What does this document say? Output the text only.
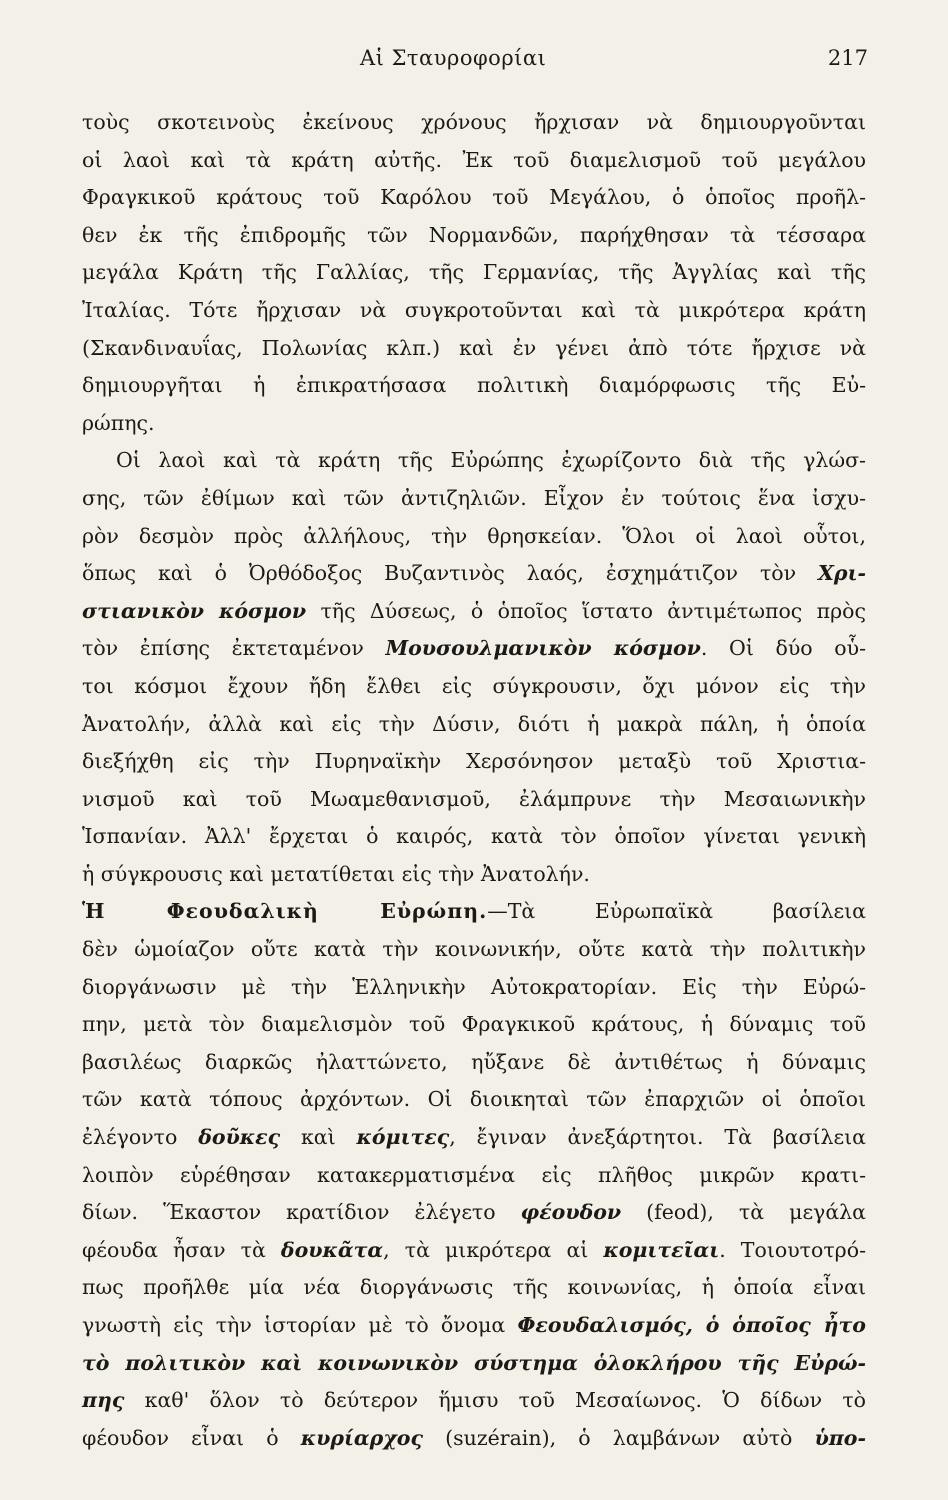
Αἱ Σταυροφορίαι	217
τοὺς σκοτεινοὺς ἐκείνους χρόνους ἤρχισαν νὰ δημιουργοῦνται
οἱ λαοὶ καὶ τὰ κράτη αὐτῆς. Ἐκ τοῦ διαμελισμοῦ τοῦ μεγάλου
Φραγκικοῦ κράτους τοῦ Καρόλου τοῦ Μεγάλου, ὁ ὁποῖος προῆλ-
θεν ἐκ τῆς ἐπιδρομῆς τῶν Νορμανδῶν, παρήχθησαν τὰ τέσσαρα
μεγάλα Κράτη τῆς Γαλλίας, τῆς Γερμανίας, τῆς Ἀγγλίας καὶ τῆς
Ἰταλίας. Τότε ἤρχισαν νὰ συγκροτοῦνται καὶ τὰ μικρότερα κράτη
(Σκανδιναυΐας, Πολωνίας κλπ.) καὶ ἐν γένει ἀπὸ τότε ἤρχισε νὰ
δημιουργῆται ἡ ἐπικρατήσασα πολιτικὴ διαμόρφωσις τῆς Εὐ-
ρώπης.
Οἱ λαοὶ καὶ τὰ κράτη τῆς Εὐρώπης ἐχωρίζοντο διὰ τῆς γλώσ-
σης, τῶν ἐθίμων καὶ τῶν ἀντιζηλιῶν. Εἶχον ἐν τούτοις ἕνα ἰσχυ-
ρὸν δεσμὸν πρὸς ἀλλήλους, τὴν θρησκείαν. Ὅλοι οἱ λαοὶ οὗτοι,
ὅπως καὶ ὁ Ὀρθόδοξος Βυζαντινὸς λαός, ἐσχημάτιζον τὸν Χρι-
στιανικὸν κόσμον τῆς Δύσεως, ὁ ὁποῖος ἵστατο ἀντιμέτωπος πρὸς
τὸν ἐπίσης ἐκτεταμένον Μουσουλμανικὸν κόσμον. Οἱ δύο οὗ-
τοι κόσμοι ἔχουν ἤδη ἔλθει εἰς σύγκρουσιν, ὄχι μόνον εἰς τὴν
Ἀνατολήν, ἀλλὰ καὶ εἰς τὴν Δύσιν, διότι ἡ μακρὰ πάλη, ἡ ὁποία
διεξήχθη εἰς τὴν Πυρηναϊκὴν Χερσόνησον μεταξὺ τοῦ Χριστια-
νισμοῦ καὶ τοῦ Μωαμεθανισμοῦ, ἐλάμπρυνε τὴν Μεσαιωνικὴν
Ἱσπανίαν. Ἀλλ' ἔρχεται ὁ καιρός, κατὰ τὸν ὁποῖον γίνεται γενικὴ
ἡ σύγκρουσις καὶ μετατίθεται εἰς τὴν Ἀνατολήν.
Ἡ Φεουδαλικὴ Εὐρώπη.—Τὰ Εὐρωπαϊκὰ βασίλεια
δὲν ὡμοίαζον οὔτε κατὰ τὴν κοινωνικήν, οὔτε κατὰ τὴν πολιτικὴν
διοργάνωσιν μὲ τὴν Ἑλληνικὴν Αὐτοκρατορίαν. Εἰς τὴν Εὐρώ-
πην, μετὰ τὸν διαμελισμὸν τοῦ Φραγκικοῦ κράτους, ἡ δύναμις τοῦ
βασιλέως διαρκῶς ἠλαττώνετο, ηὔξανε δὲ ἀντιθέτως ἡ δύναμις
τῶν κατὰ τόπους ἀρχόντων. Οἱ διοικηταὶ τῶν ἐπαρχιῶν οἱ ὁποῖοι
ἐλέγοντο δοῦκες καὶ κόμιτες, ἔγιναν ἀνεξάρτητοι. Τὰ βασίλεια
λοιπὸν εὑρέθησαν κατακερματισμένα εἰς πλῆθος μικρῶν κρατι-
δίων. Ἕκαστον κρατίδιον ἐλέγετο φέουδον (feod), τὰ μεγάλα
φέουδα ἦσαν τὰ δουκᾶτα, τὰ μικρότερα αἱ κομιτεῖαι. Τοιουτοτρό-
πως προῆλθε μία νέα διοργάνωσις τῆς κοινωνίας, ἡ ὁποία εἶναι
γνωστὴ εἰς τὴν ἱστορίαν μὲ τὸ ὄνομα Φεουδαλισμός, ὁ ὁποῖος ἦτο
τὸ πολιτικὸν καὶ κοινωνικὸν σύστημα ὁλοκλήρου τῆς Εὐρώ-
πης καθ' ὅλον τὸ δεύτερον ἥμισυ τοῦ Μεσαίωνος. Ὁ δίδων τὸ
φέουδον εἶναι ὁ κυρίαρχος (suzérain), ὁ λαμβάνων αὐτὸ ὑπο-
